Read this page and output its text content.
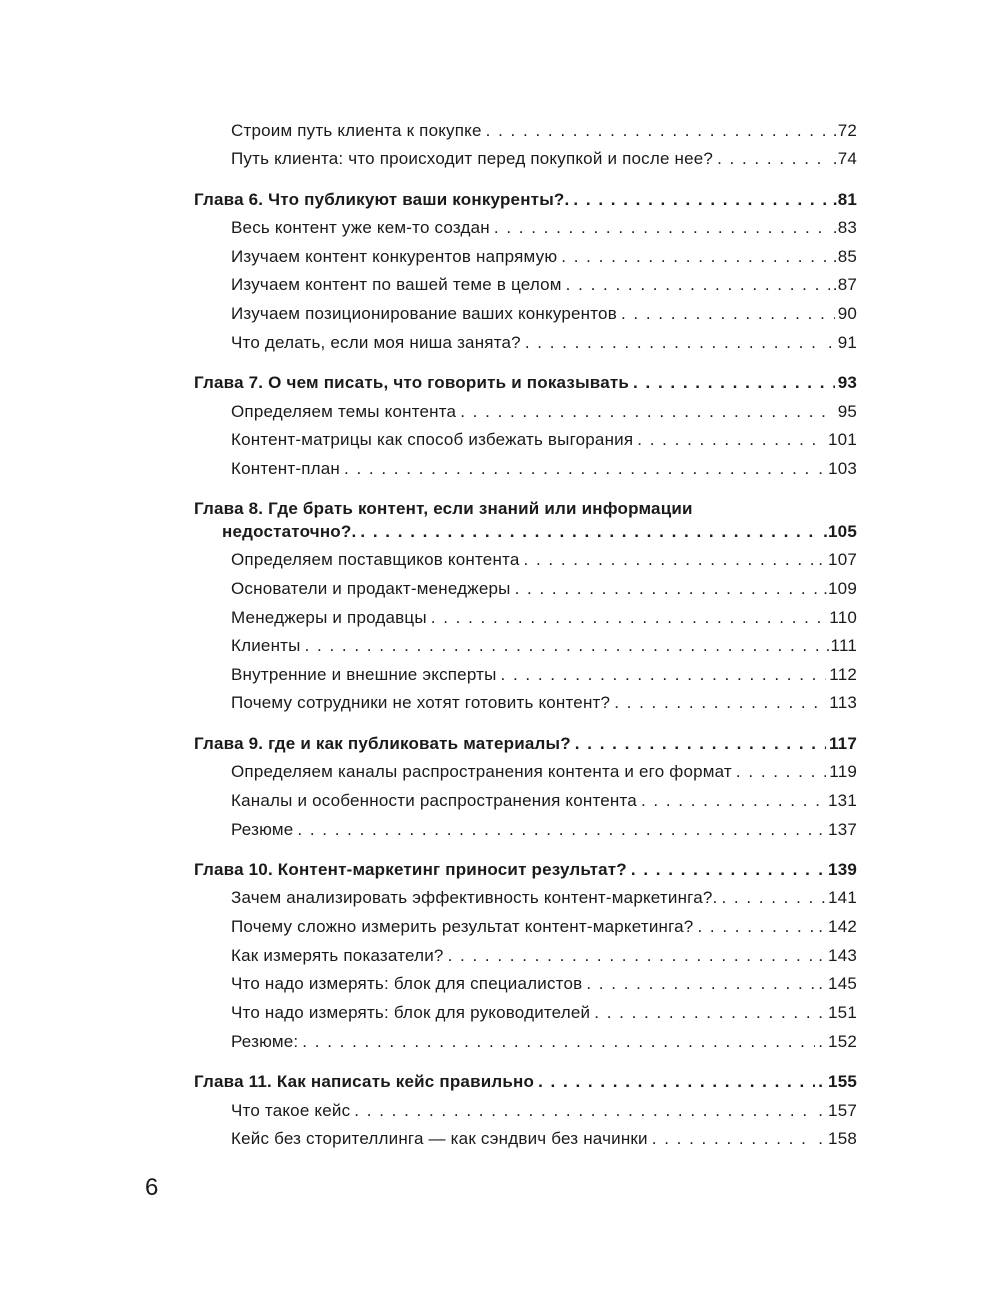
Строим путь клиента к покупке . . .	.72
Путь клиента: что происходит перед покупкой и после нее? . . .	.74
Глава 6. Что публикуют ваши конкуренты?. . . .	.81
Весь контент уже кем-то создан . . .	.83
Изучаем контент конкурентов напрямую . . .	.85
Изучаем контент по вашей теме в целом . . .	.87
Изучаем позиционирование ваших конкурентов . . .	90
Что делать, если моя ниша занята? . . .	. 91
Глава 7. О чем писать, что говорить и показывать . . .	93
Определяем темы контента . . .	95
Контент-матрицы как способ избежать выгорания . . .	101
Контент-план . . .	. 103
Глава 8. Где брать контент, если знаний или информации
недостаточно?. . . .	.105
Определяем поставщиков контента . . .	. 107
Основатели и продакт-менеджеры . . .	.109
Менеджеры и продавцы . . .	110
Клиенты . . .	.111
Внутренние и внешние эксперты . . .	112
Почему сотрудники не хотят готовить контент? . . .	113
Глава 9. где и как публиковать материалы? . . .	117
Определяем каналы распространения контента и его формат . . .	119
Каналы и особенности распространения контента . . .	131
Резюме . . .	. 137
Глава 10. Контент-маркетинг приносит результат? . . .	. 139
Зачем анализировать эффективность контент-маркетинга?. . . .	141
Почему сложно измерить результат контент-маркетинга? . . .	. 142
Как измерять показатели? . . .	. 143
Что надо измерять: блок для специалистов . . .	. 145
Что надо измерять: блок для руководителей . . .	151
Резюме: . . .	. 152
Глава 11. Как написать кейс правильно . . .	. 155
Что такое кейс . . .	. 157
Кейс без сторителлинга — как сэндвич без начинки . . .	. 158
6
